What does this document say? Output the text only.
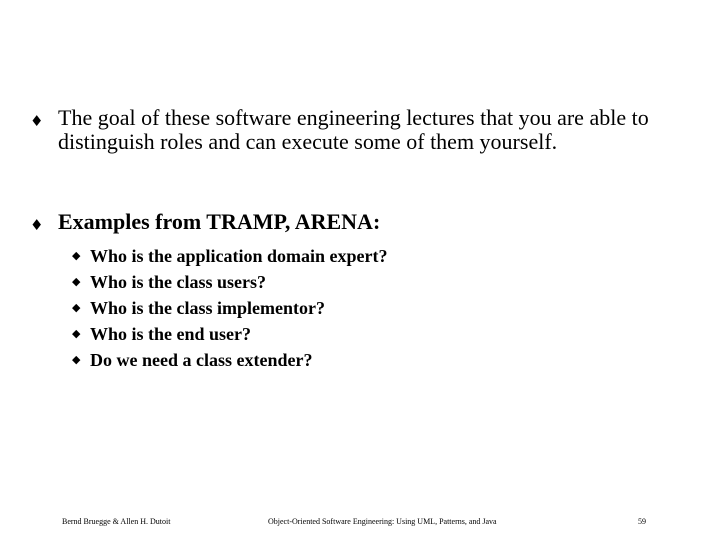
♦ The goal of these software engineering lectures that you are able to distinguish roles and can execute some of them yourself.
♦ Examples from TRAMP, ARENA:
◆ Who is the application domain expert?
◆ Who is the class users?
◆ Who is the class implementor?
◆ Who is the end user?
◆ Do we need a class extender?
Bernd Bruegge & Allen H. Dutoit	Object-Oriented Software Engineering: Using UML, Patterns, and Java	59
